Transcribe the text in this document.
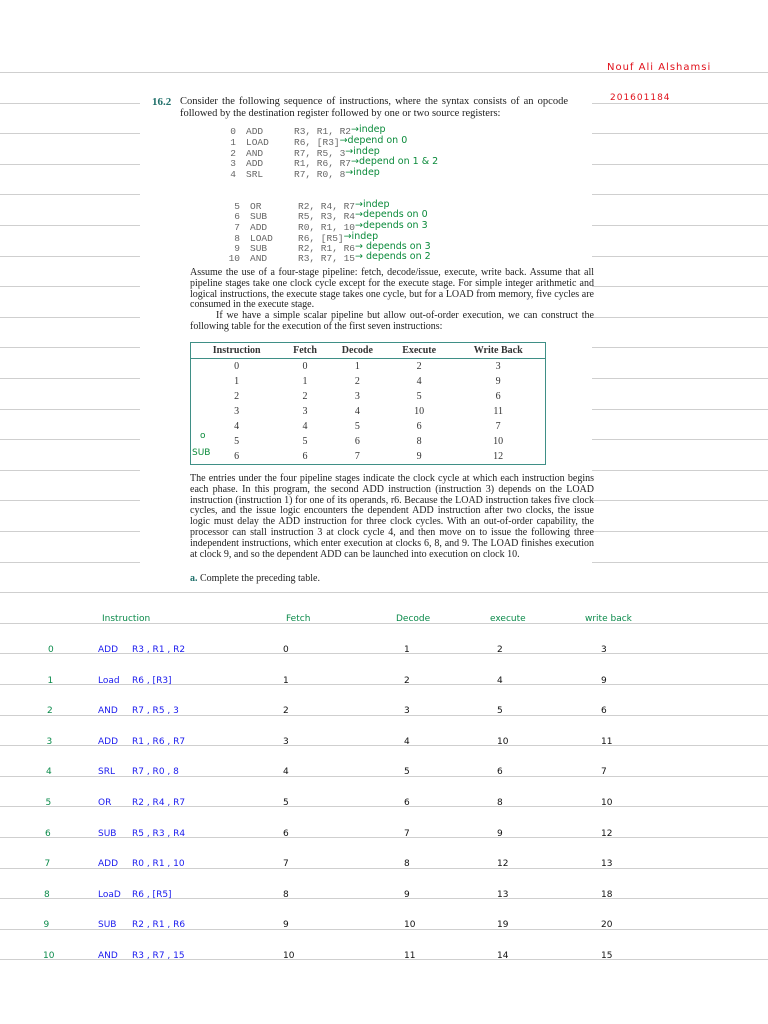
Nouf Ali Alshamsi
201601184
16.2 Consider the following sequence of instructions, where the syntax consists of an opcode followed by the destination register followed by one or two source registers:
0 ADD	R3, R1, R2 →indep
1 LOAD	R6, [R3] →depend on 0
2 AND	R7, R5, 3 →indep
3 ADD	R1, R6, R7 →depend on 1 & 2
4 SRL	R7, R0, 8 →indep
5 OR	R2, R4, R7 →indep
6 SUB	R5, R3, R4 →depends on 0
7 ADD	R0, R1, 10 →depends on 3
8 LOAD	R6, [R5] →indep
9 SUB	R2, R1, R6 → depends on 3
10 AND	R3, R7, 15 → depends on 2
Assume the use of a four-stage pipeline: fetch, decode/issue, execute, write back. Assume that all pipeline stages take one clock cycle except for the execute stage. For simple integer arithmetic and logical instructions, the execute stage takes one cycle, but for a LOAD from memory, five cycles are consumed in the execute stage.
If we have a simple scalar pipeline but allow out-of-order execution, we can construct the following table for the execution of the first seven instructions:
Instruction	Fetch	Decode	Execute	Write Back
0	0	1	2	3
1	1	2	4	9
2	2	3	5	6
3	3	4	10	11
4	4	5	6	7
5	5	6	8	10
6	6	7	9	12
o
SUB
The entries under the four pipeline stages indicate the clock cycle at which each instruction begins each phase. In this program, the second ADD instruction (instruction 3) depends on the LOAD instruction (instruction 1) for one of its operands, r6. Because the LOAD instruction takes five clock cycles, and the issue logic encounters the dependent ADD instruction after two clocks, the issue logic must delay the ADD instruction for three clock cycles. With an out-of-order capability, the processor can stall instruction 3 at clock cycle 4, and then move on to issue the following three independent instructions, which enter execution at clocks 6, 8, and 9. The LOAD finishes execution at clock 9, and so the dependent ADD can be launched into execution on clock 10.
a. Complete the preceding table.
Instruction	Fetch	Decode	execute	write back
0	ADD R3 , R1 , R2	0	1	2	3
1	Load R6 , [R3]	1	2	4	9
2	AND R7 , R5 , 3	2	3	5	6
3	ADD R1 , R6 , R7	3	4	10	11
4	SRL R7 , R0 , 8	4	5	6	7
5	OR R2 , R4 , R7	5	6	8	10
6	SUB R5 , R3 , R4	6	7	9	12
7	ADD R0 , R1 , 10	7	8	12	13
8	LoaD R6 , [R5]	8	9	13	18
9	SUB R2 , R1 , R6	9	10	19	20
10	AND R3 , R7 , 15	10	11	14	15
